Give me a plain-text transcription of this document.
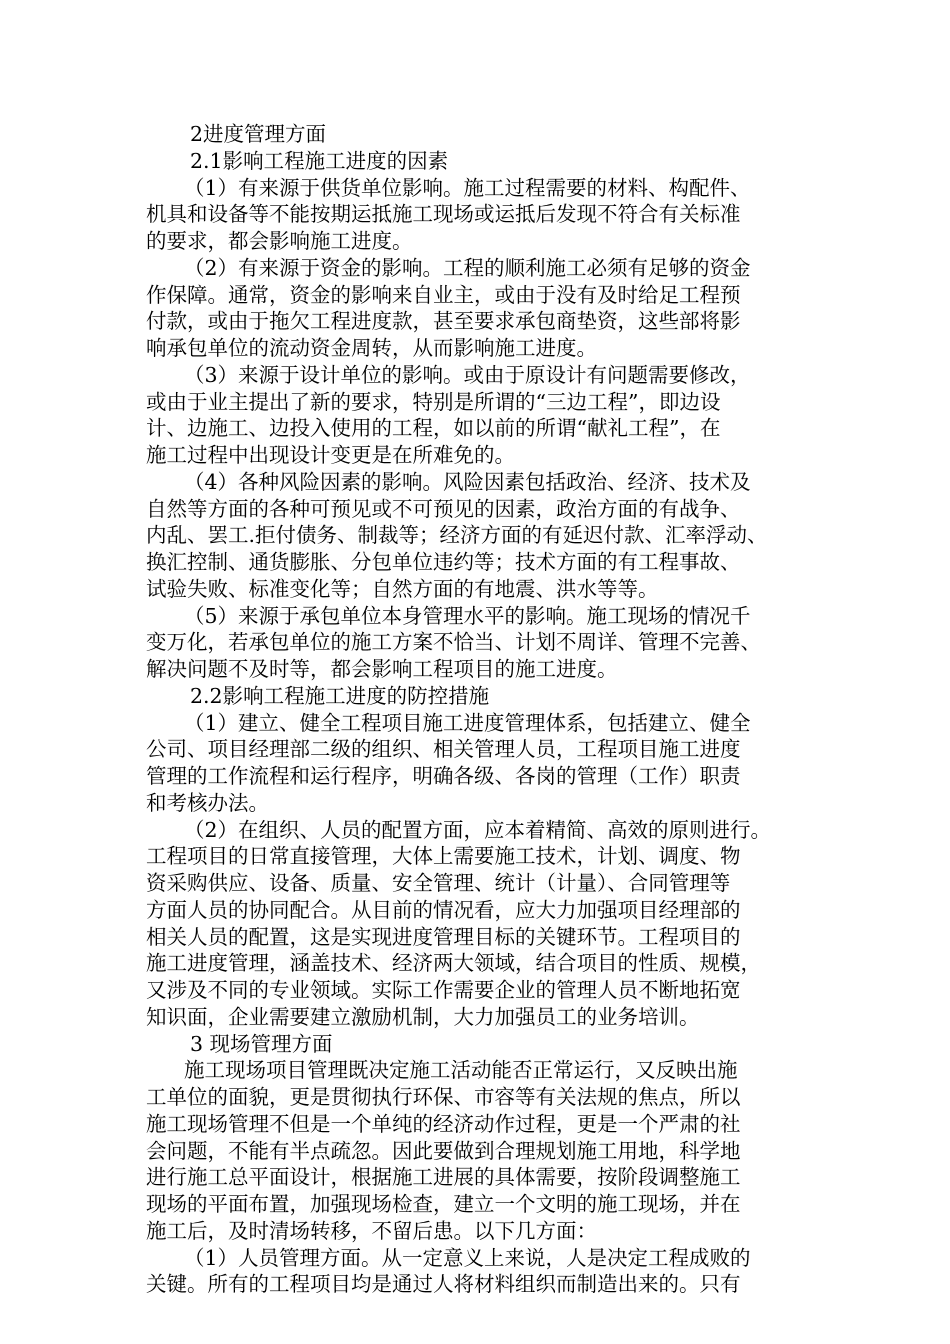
2进度管理方面
2.1影响工程施工进度的因素
（1）有来源于供货单位影响。施工过程需要的材料、构配件、
机具和设备等不能按期运抵施工现场或运抵后发现不符合有关标准
的要求，都会影响施工进度。
（2）有来源于资金的影响。工程的顺利施工必须有足够的资金
作保障。通常，资金的影响来自业主，或由于没有及时给足工程预
付款，或由于拖欠工程进度款，甚至要求承包商垫资，这些部将影
响承包单位的流动资金周转，从而影响施工进度。
（3）来源于设计单位的影响。或由于原设计有问题需要修改，
或由于业主提出了新的要求，特别是所谓的“三边工程”，即边设
计、边施工、边投入使用的工程，如以前的所谓“献礼工程”，在
施工过程中出现设计变更是在所难免的。
（4）各种风险因素的影响。风险因素包括政治、经济、技术及
自然等方面的各种可预见或不可预见的因素，政治方面的有战争、
内乱、罢工.拒付债务、制裁等；经济方面的有延迟付款、汇率浮动、
换汇控制、通货膨胀、分包单位违约等；技术方面的有工程事故、
试验失败、标准变化等；自然方面的有地震、洪水等等。
（5）来源于承包单位本身管理水平的影响。施工现场的情况千
变万化，若承包单位的施工方案不恰当、计划不周详、管理不完善、
解决问题不及时等，都会影响工程项目的施工进度。
2.2影响工程施工进度的防控措施
（1）建立、健全工程项目施工进度管理体系，包括建立、健全
公司、项目经理部二级的组织、相关管理人员，工程项目施工进度
管理的工作流程和运行程序，明确各级、各岗的管理（工作）职责
和考核办法。
（2）在组织、人员的配置方面，应本着精简、高效的原则进行。
工程项目的日常直接管理，大体上需要施工技术，计划、调度、物
资采购供应、设备、质量、安全管理、统计（计量）、合同管理等
方面人员的协同配合。从目前的情况看，应大力加强项目经理部的
相关人员的配置，这是实现进度管理目标的关键环节。工程项目的
施工进度管理，涵盖技术、经济两大领域，结合项目的性质、规模，
又涉及不同的专业领域。实际工作需要企业的管理人员不断地拓宽
知识面，企业需要建立激励机制，大力加强员工的业务培训。
3 现场管理方面
施工现场项目管理既决定施工活动能否正常运行，又反映出施
工单位的面貌，更是贯彻执行环保、市容等有关法规的焦点，所以
施工现场管理不但是一个单纯的经济动作过程，更是一个严肃的社
会问题，不能有半点疏忽。因此要做到合理规划施工用地，科学地
进行施工总平面设计，根据施工进展的具体需要，按阶段调整施工
现场的平面布置，加强现场检查，建立一个文明的施工现场，并在
施工后，及时清场转移，不留后患。以下几方面：
（1）人员管理方面。从一定意义上来说，人是决定工程成败的
关键。所有的工程项目均是通过人将材料组织而制造出来的。只有
